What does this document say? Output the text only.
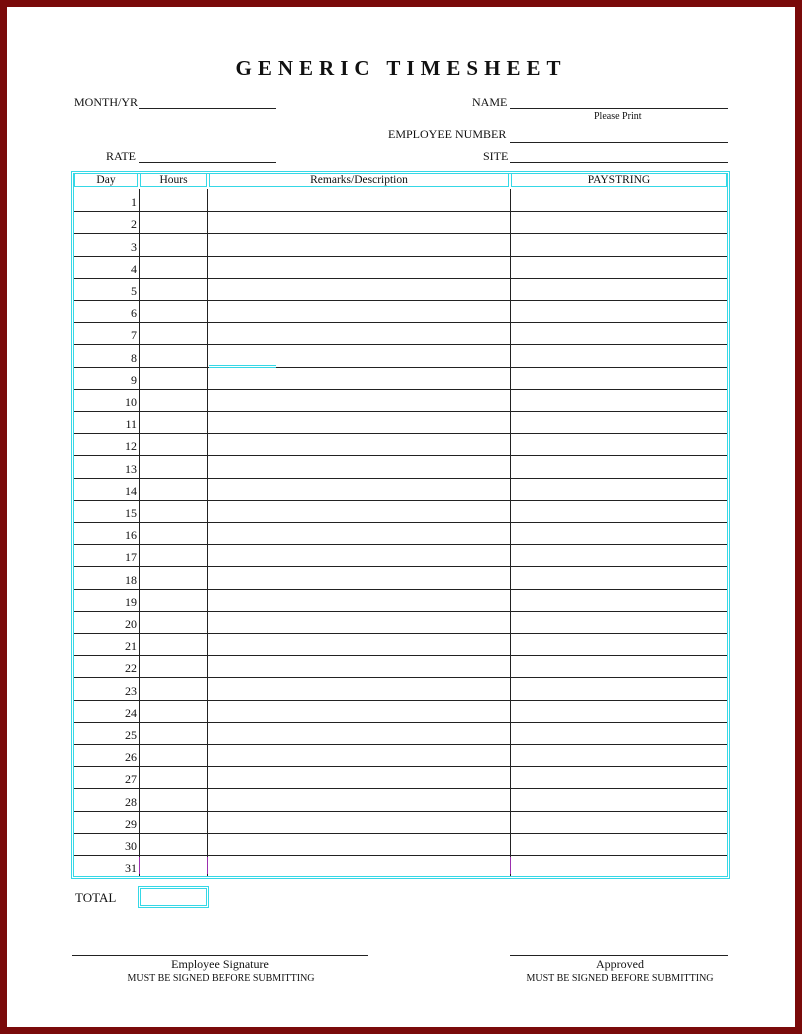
GENERIC TIMESHEET
MONTH/YR	NAME
Please Print
EMPLOYEE NUMBER
RATE	SITE
Day	Hours	Remarks/Description	PAYSTRING
1
2
3
4
5
6
7
8
9
10
11
12
13
14
15
16
17
18
19
20
21
22
23
24
25
26
27
28
29
30
31
TOTAL
Employee Signature
MUST BE SIGNED BEFORE SUBMITTING
Approved
MUST BE SIGNED BEFORE SUBMITTING
